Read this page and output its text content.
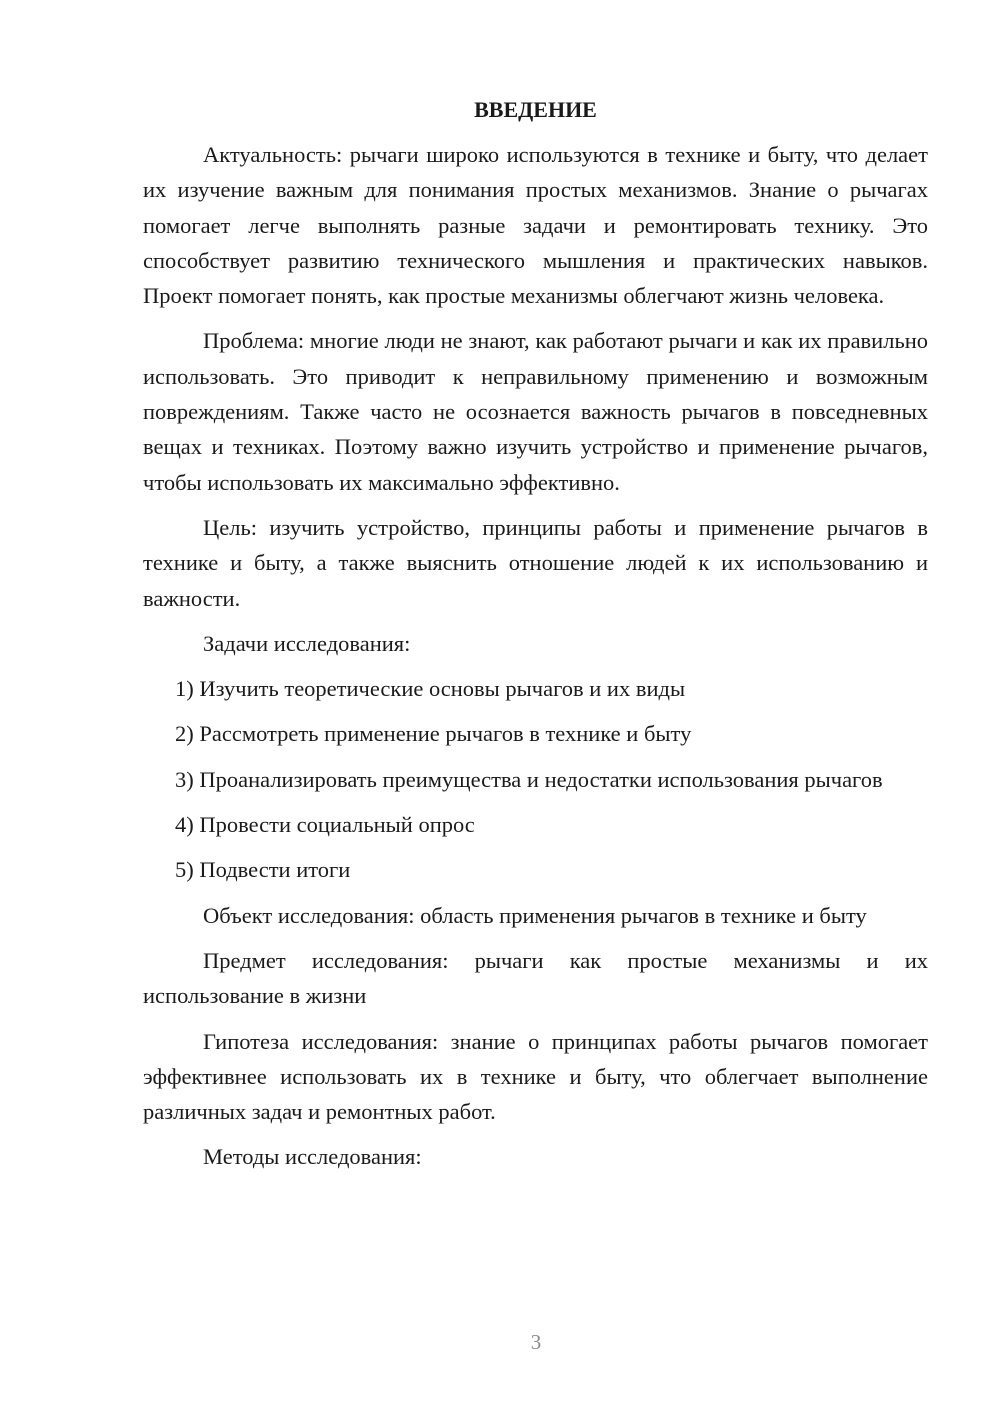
ВВЕДЕНИЕ

Актуальность: рычаги широко используются в технике и быту, что делает их изучение важным для понимания простых механизмов. Знание о рычагах помогает легче выполнять разные задачи и ремонтировать технику. Это способствует развитию технического мышления и практических навыков. Проект помогает понять, как простые механизмы облегчают жизнь человека.

Проблема: многие люди не знают, как работают рычаги и как их правильно использовать. Это приводит к неправильному применению и возможным повреждениям. Также часто не осознается важность рычагов в повседневных вещах и техниках. Поэтому важно изучить устройство и применение рычагов, чтобы использовать их максимально эффективно.

Цель: изучить устройство, принципы работы и применение рычагов в технике и быту, а также выяснить отношение людей к их использованию и важности.

Задачи исследования:

1) Изучить теоретические основы рычагов и их виды

2) Рассмотреть применение рычагов в технике и быту

3) Проанализировать преимущества и недостатки использования рычагов

4) Провести социальный опрос

5) Подвести итоги

Объект исследования: область применения рычагов в технике и быту

Предмет исследования: рычаги как простые механизмы и их использование в жизни

Гипотеза исследования: знание о принципах работы рычагов помогает эффективнее использовать их в технике и быту, что облегчает выполнение различных задач и ремонтных работ.

Методы исследования:

3
